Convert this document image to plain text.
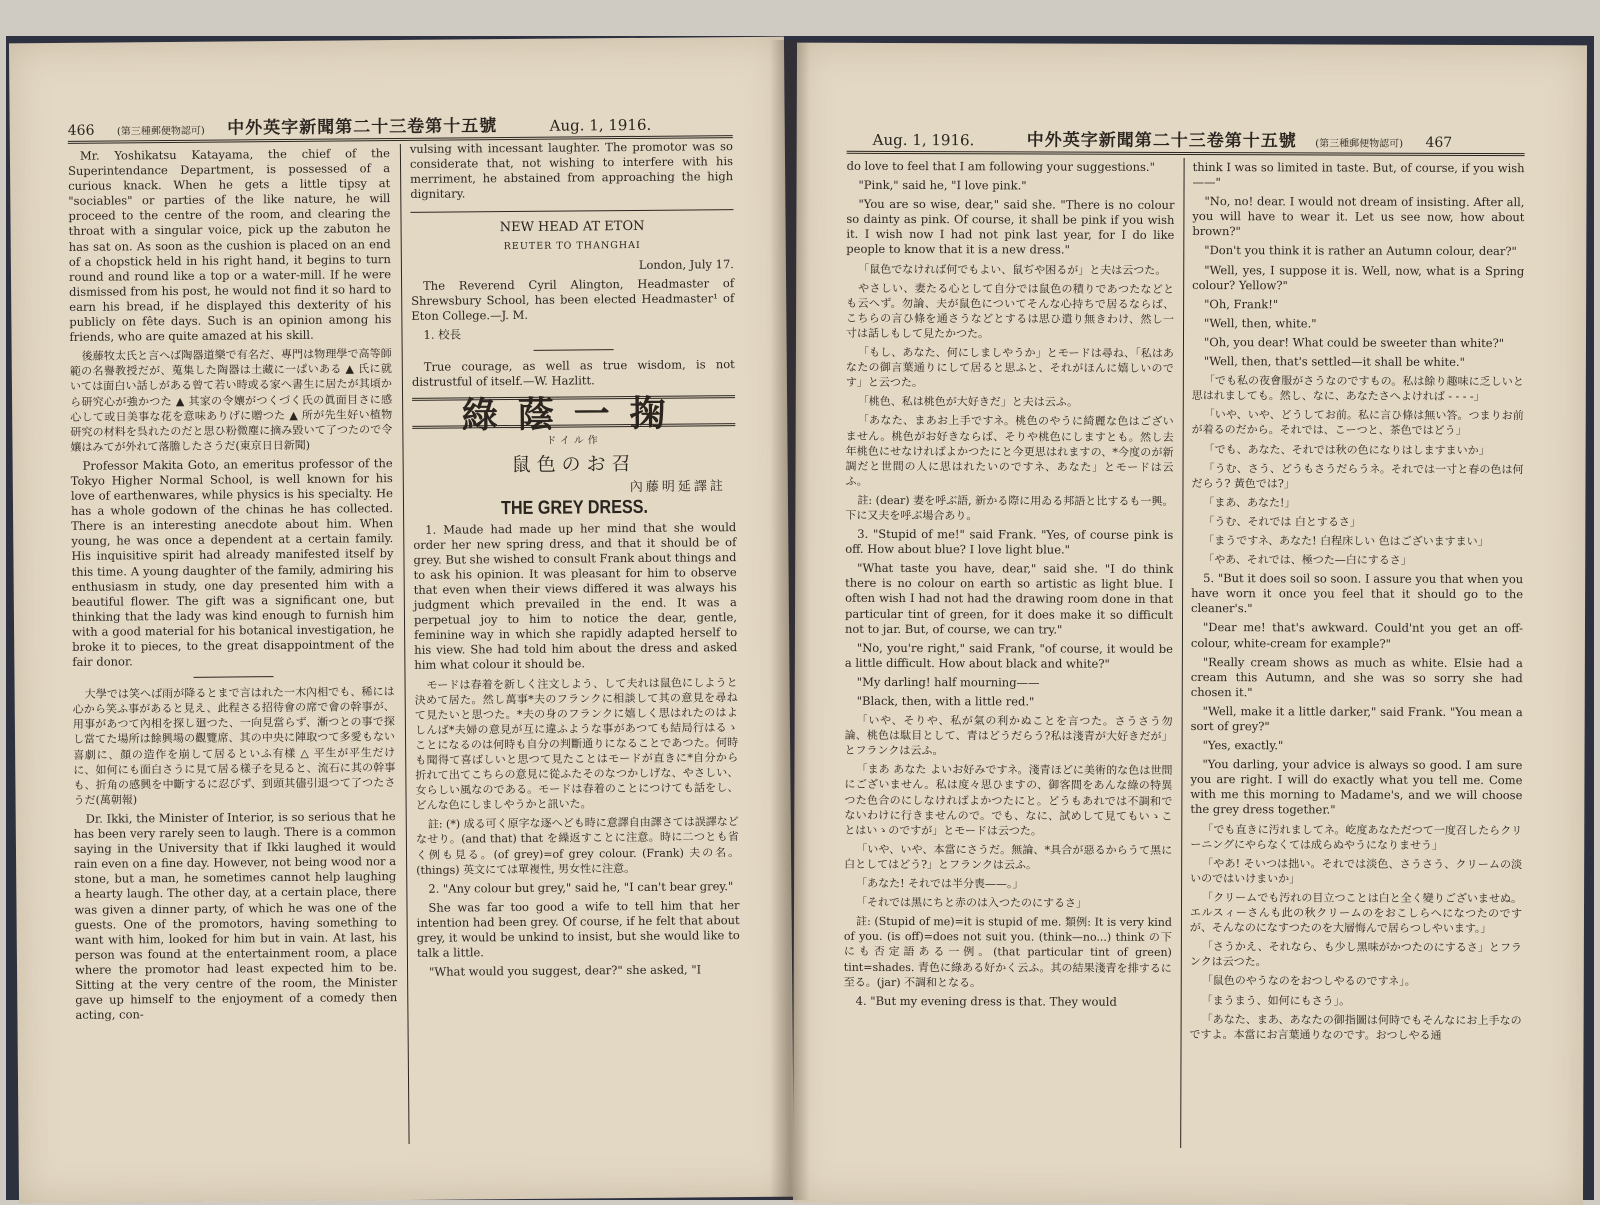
466 (第三種郵便物認可) 中外英字新聞第二十三卷第十五號	Aug. 1, 1916.

Mr. Yoshikatsu Katayama, the chief of the Superintendance Department, is possessed of a curious knack. When he gets a little tipsy at "sociables" or parties of the like nature, he will proceed to the centre of the room, and clearing the throat with a singular voice, pick up the zabuton he has sat on. As soon as the cushion is placed on an end of a chopstick held in his right hand, it begins to turn round and round like a top or a water-mill. If he were dismissed from his post, he would not find it so hard to earn his bread, if he displayed this dexterity of his publicly on fête days. Such is an opinion among his friends, who are quite amazed at his skill.

後藤牧太氏と言へば陶器道樂で有名だ、專門は物理學で高等師範の名譽教授だが、蒐集した陶器は土藏に一ぱいある ▲ 氏に就いては面白い話しがある曾て若い時或る家へ書生に居たが其頃から研究心が強かつた ▲ 其家の令孃がつくづく氏の眞面目さに感心して或日美事な花を意味ありげに贈つた ▲ 所が先生好い植物研究の材料を呉れたのだと思ひ粉微塵に摘み毀いて了つたので令孃はみてが外れて落膽したさうだ(東京日日新聞)

Professor Makita Goto, an emeritus professor of the Tokyo Higher Normal School, is well known for his love of earthenwares, while physics is his specialty. He has a whole godown of the chinas he has collected. There is an interesting anecdote about him. When young, he was once a dependent at a certain family. His inquisitive spirit had already manifested itself by this time. A young daughter of the family, admiring his enthusiasm in study, one day presented him with a beautiful flower. The gift was a significant one, but thinking that the lady was kind enough to furnish him with a good material for his botanical investigation, he broke it to pieces, to the great disappointment of the fair donor.

大學では笑へば雨が降るとまで言はれた一木內相でも、稀には心から笑ふ事があると見え、此程さる招待會の席で會の幹事が、用事があつて內相を探し廻つた、一向見當らず、漸つとの事で探し當てた場所は餘興場の觀覽席、其の中央に陣取つて多愛もない喜劇に、顏の造作を崩して居るといふ有樣 △ 平生が平生だけに、如何にも面白さうに見て居る樣子を見ると、流石に其の幹事も、折角の感興を中斷するに忍びず、到頭其儘引退つて了つたさうだ(萬朝報)

Dr. Ikki, the Minister of Interior, is so serious that he has been very rarely seen to laugh. There is a common saying in the University that if Ikki laughed it would rain even on a fine day. However, not being wood nor a stone, but a man, he sometimes cannot help laughing a hearty laugh. The other day, at a certain place, there was given a dinner party, of which he was one of the guests. One of the promotors, having something to want with him, looked for him but in vain. At last, his person was found at the entertainment room, a place where the promotor had least expected him to be. Sitting at the very centre of the room, the Minister gave up himself to the enjoyment of a comedy then acting, con-

vulsing with incessant laughter. The promotor was so considerate that, not wishing to interfere with his merriment, he abstained from approaching the high dignitary.

NEW HEAD AT ETON

REUTER TO THANGHAI

London, July 17.

The Reverend Cyril Alington, Headmaster of Shrewsbury School, has been elected Headmaster¹ of Eton College.—J. M.

1. 校長

True courage, as well as true wisdom, is not distrustful of itself.—W. Hazlitt.

綠蔭一掬

ドイル作

鼠色のお召

內藤明延譯註

THE GREY DRESS.

1. Maude had made up her mind that she would order her new spring dress, and that it should be of grey. But she wished to consult Frank about things and to ask his opinion. It was pleasant for him to observe that even when their views differed it was always his judgment which prevailed in the end. It was a perpetual joy to him to notice the dear, gentle, feminine way in which she rapidly adapted herself to his view. She had told him about the dress and asked him what colour it should be.

モードは春着を新しく注文しよう、して夫れは鼠色にしようと決めて居た。然し萬事*夫のフランクに相談して其の意見を尋ねて見たいと思つた。*夫の身のフランクに嬉しく思はれたのはよしんば*夫婦の意見が互に違ふような事があつても結局行はるゝことになるのは何時も自分の判斷通りになることであつた。何時も聞得て喜ばしいと思つて見たことはモードが直きに*自分から折れて出てこちらの意見に從ふたそのなつかしげな、やさしい、女らしい風なのである。モードは春着のことにつけても話をし、どんな色にしましやうかと訊いた。

註: (*) 成る可く原字な逐へども時に意譯自由譯さては誤譯などなせり。(and that) that を繰返すことに注意。時に二つとも省く例も見る。(of grey)=of grey colour. (Frank) 夫の名。(things) 英文にては單複性, 男女性に注意。

2. "Any colour but grey," said he, "I can't bear grey."

She was far too good a wife to tell him that her intention had been grey. Of course, if he felt that about grey, it would be unkind to insist, but she would like to talk a little.

"What would you suggest, dear?" she asked, "I

Aug. 1, 1916.	中外英字新聞第二十三卷第十五號 (第三種郵便物認可) 467

do love to feel that I am following your suggestions."

"Pink," said he, "I love pink."

"You are so wise, dear," said she. "There is no colour so dainty as pink. Of course, it shall be pink if you wish it. I wish now I had not pink last year, for I do like people to know that it is a new dress."

「鼠色でなければ何でもよい、鼠ぢや困るが」と夫は云つた。

やさしい、妻たる心として自分では鼠色の積りであつたなどとも云へず。勿論、夫が鼠色についてそんな心持ちで居るならば、こちらの言ひ條を通さうなどとするは思ひ遣り無きわけ、然し一寸は話しもして見たかつた。

「もし、あなた、何にしましやうか」とモードは尋ね、「私はあなたの御言葉通りにして居ると思ふと、それがほんに嬉しいのです」と云つた。

「桃色、私は桃色が大好きだ」と夫は云ふ。

「あなた、まあお上手ですネ。桃色のやうに綺麗な色はございません。桃色がお好きならば、そりや桃色にしますとも。然し去年桃色にせなければよかつたにと今更思はれますの、*今度のが新調だと世間の人に思はれたいのですネ、あなた」とモードは云ふ。

註: (dear) 妻を呼ぶ語, 新かる際に用ゐる邦語と比するも一興。下に又夫を呼ぶ場合あり。

3. "Stupid of me!" said Frank. "Yes, of course pink is off. How about blue? I love light blue."

"What taste you have, dear," said she. "I do think there is no colour on earth so artistic as light blue. I often wish I had not had the drawing room done in that particular tint of green, for it does make it so difficult not to jar. But, of course, we can try."

"No, you're right," said Frank, "of course, it would be a little difficult. How about black and white?"

"My darling! half mourning——

"Black, then, with a little red."

「いや、そりや、私が氣の利かぬことを言つた。さうさう勿論、桃色は駄目として、青はどうだらう?私は淺青が大好きだが」とフランクは云ふ。

「まあ あなた よいお好みですネ。淺青ほどに美術的な色は世間にございません。私は度々思ひますの、御客間をあんな綠の特異つた色合のにしなければよかつたにと。どうもあれでは不調和でないわけに行きませんので。でも、なに、試めして見てもいゝことはいゝのですが」とモードは云つた。

「いや、いや、本當にさうだ。無論、*具合が惡るからうて黑に白としてはどう?」とフランクは云ふ。

「あなた! それでは半分喪——。」

「それでは黑にちと赤のは入つたのにするさ」

註: (Stupid of me)=it is stupid of me. 類例: It is very kind of you. (is off)=does not suit you. (think—no...) think の下にも否定語ある一例。(that particular tint of green) tint=shades. 青色に綠ある好かく云ふ。其の結果淺青を排するに至る。(jar) 不調和となる。

4. "But my evening dress is that. They would

think I was so limited in taste. But, of course, if you wish——"

"No, no! dear. I would not dream of insisting. After all, you will have to wear it. Let us see now, how about brown?"

"Don't you think it is rather an Autumn colour, dear?"

"Well, yes, I suppose it is. Well, now, what is a Spring colour? Yellow?"

"Oh, Frank!"

"Well, then, white."

"Oh, you dear! What could be sweeter than white?"

"Well, then, that's settled—it shall be white."

「でも私の夜會服がさうなのですもの。私は餘り趣味に乏しいと思はれましても。然し、なに、あなたさへよければ - - - -」

「いや、いや、どうしてお前。私に言ひ條は無い答。つまりお前が着るのだから。それでは、こーつと、茶色ではどう」

「でも、あなた、それでは秋の色になりはしますまいか」

「うむ、さう、どうもさうだらうネ。それでは一寸と春の色は何だらう? 黃色では?」

「まあ、あなた!」

「うむ、それでは 白とするさ」

「まうですネ、あなた! 白程床しい 色はございますまい」

「やあ、それでは、極つた—白にするさ」

5. "But it does soil so soon. I assure you that when you have worn it once you feel that it should go to the cleaner's."

"Dear me! that's awkward. Could'nt you get an off-colour, white-cream for example?"

"Really cream shows as much as white. Elsie had a cream this Autumn, and she was so sorry she had chosen it."

"Well, make it a little darker," said Frank. "You mean a sort of grey?"

"Yes, exactly."

"You darling, your advice is always so good. I am sure you are right. I will do exactly what you tell me. Come with me this morning to Madame's, and we will choose the grey dress together."

「でも直きに汚れましてネ。屹度あなただつて一度召したらクリーニングにやらなくては成らぬやうになりませう」

「やあ! そいつは拙い。それでは淡色、さうさう、クリームの淡いのではいけまいか」

「クリームでも汚れの目立つことは白と全く變りございませぬ。エルスィーさんも此の秋クリームのをおこしらへになつたのですが、そんなのになすつたのを大層悔んで居らつしやいます。」

「さうかえ、それなら、も少し黑味がかつたのにするさ」とフランクは云つた。

「鼠色のやうなのをおつしやるのですネ」。

「まうまう、如何にもさう」。

「あなた、まあ、あなたの御指圖は何時でもそんなにお上手なのですよ。本當にお言葉通りなのです。おつしやる通
